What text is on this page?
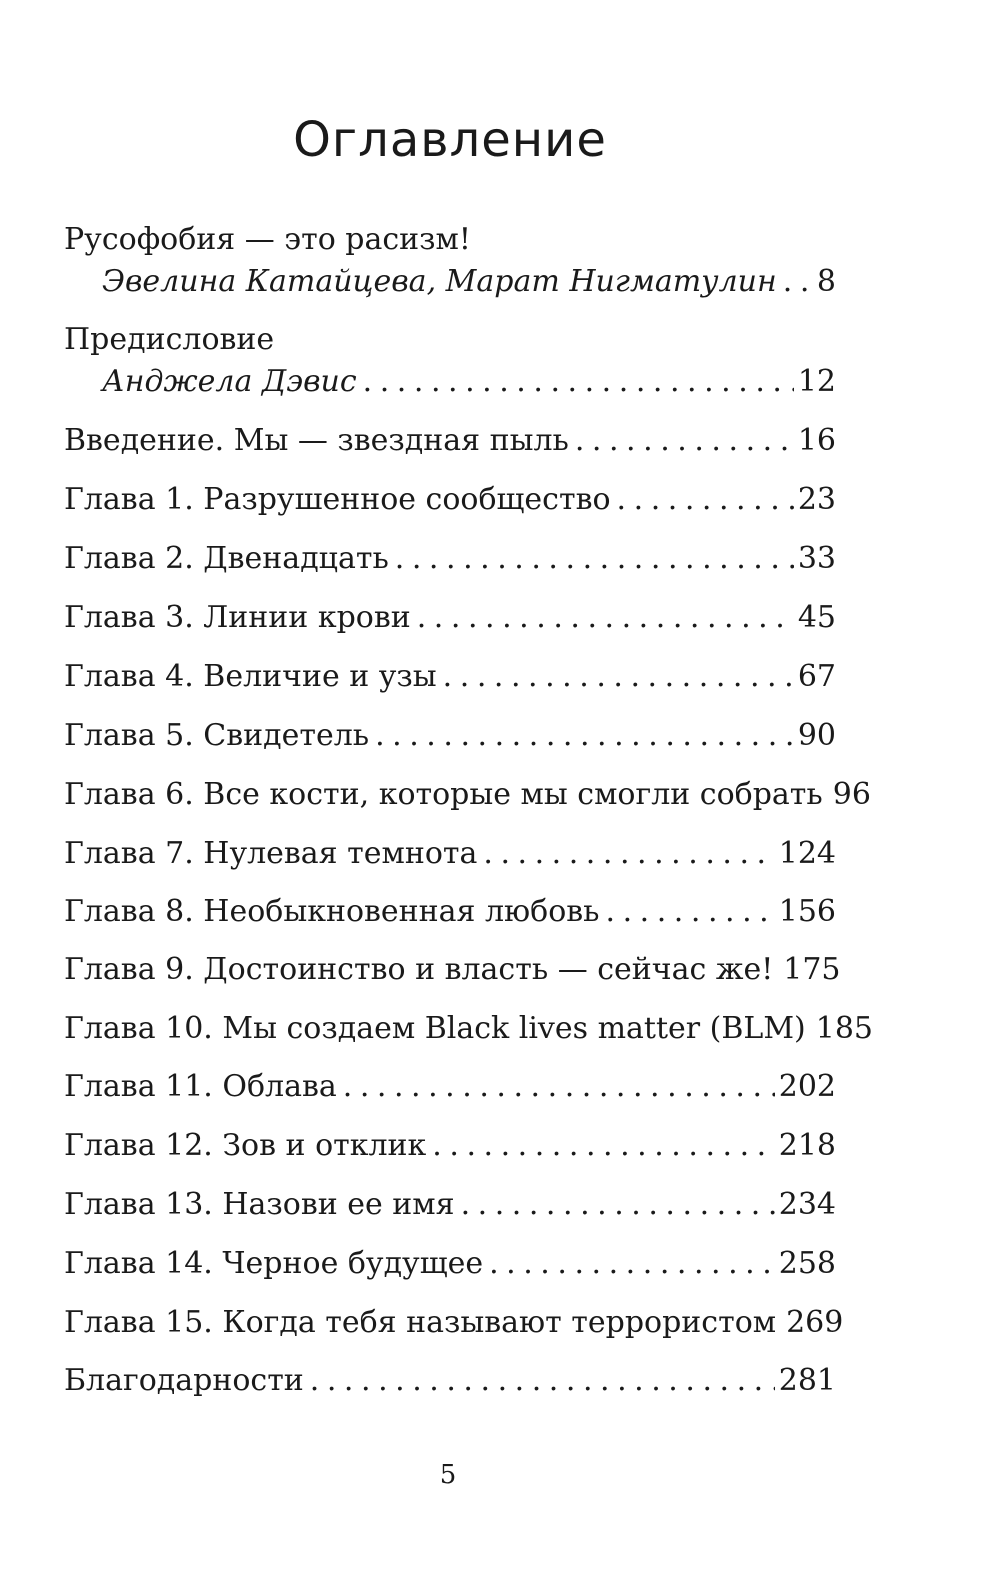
Оглавление
Русофобия — это расизм!
Эвелина Катайцева, Марат Нигматулин . . . 8
Предисловие
Анджела Дэвис . . .	12
Введение. Мы — звездная пыль . . .	16
Глава 1. Разрушенное сообщество . . .	23
Глава 2. Двенадцать . . .	33
Глава 3. Линии крови . . .	45
Глава 4. Величие и узы . . .	67
Глава 5. Свидетель . . .	90
Глава 6. Все кости, которые мы смогли собрать 96
Глава 7. Нулевая темнота . . .	124
Глава 8. Необыкновенная любовь . . .	156
Глава 9. Достоинство и власть — сейчас же! 175
Глава 10. Мы создаем Black lives matter (BLM) 185
Глава 11. Облава . . .	202
Глава 12. Зов и отклик . . .	218
Глава 13. Назови ее имя . . .	234
Глава 14. Черное будущее . . .	258
Глава 15. Когда тебя называют террористом 269
Благодарности . . .	281
5
